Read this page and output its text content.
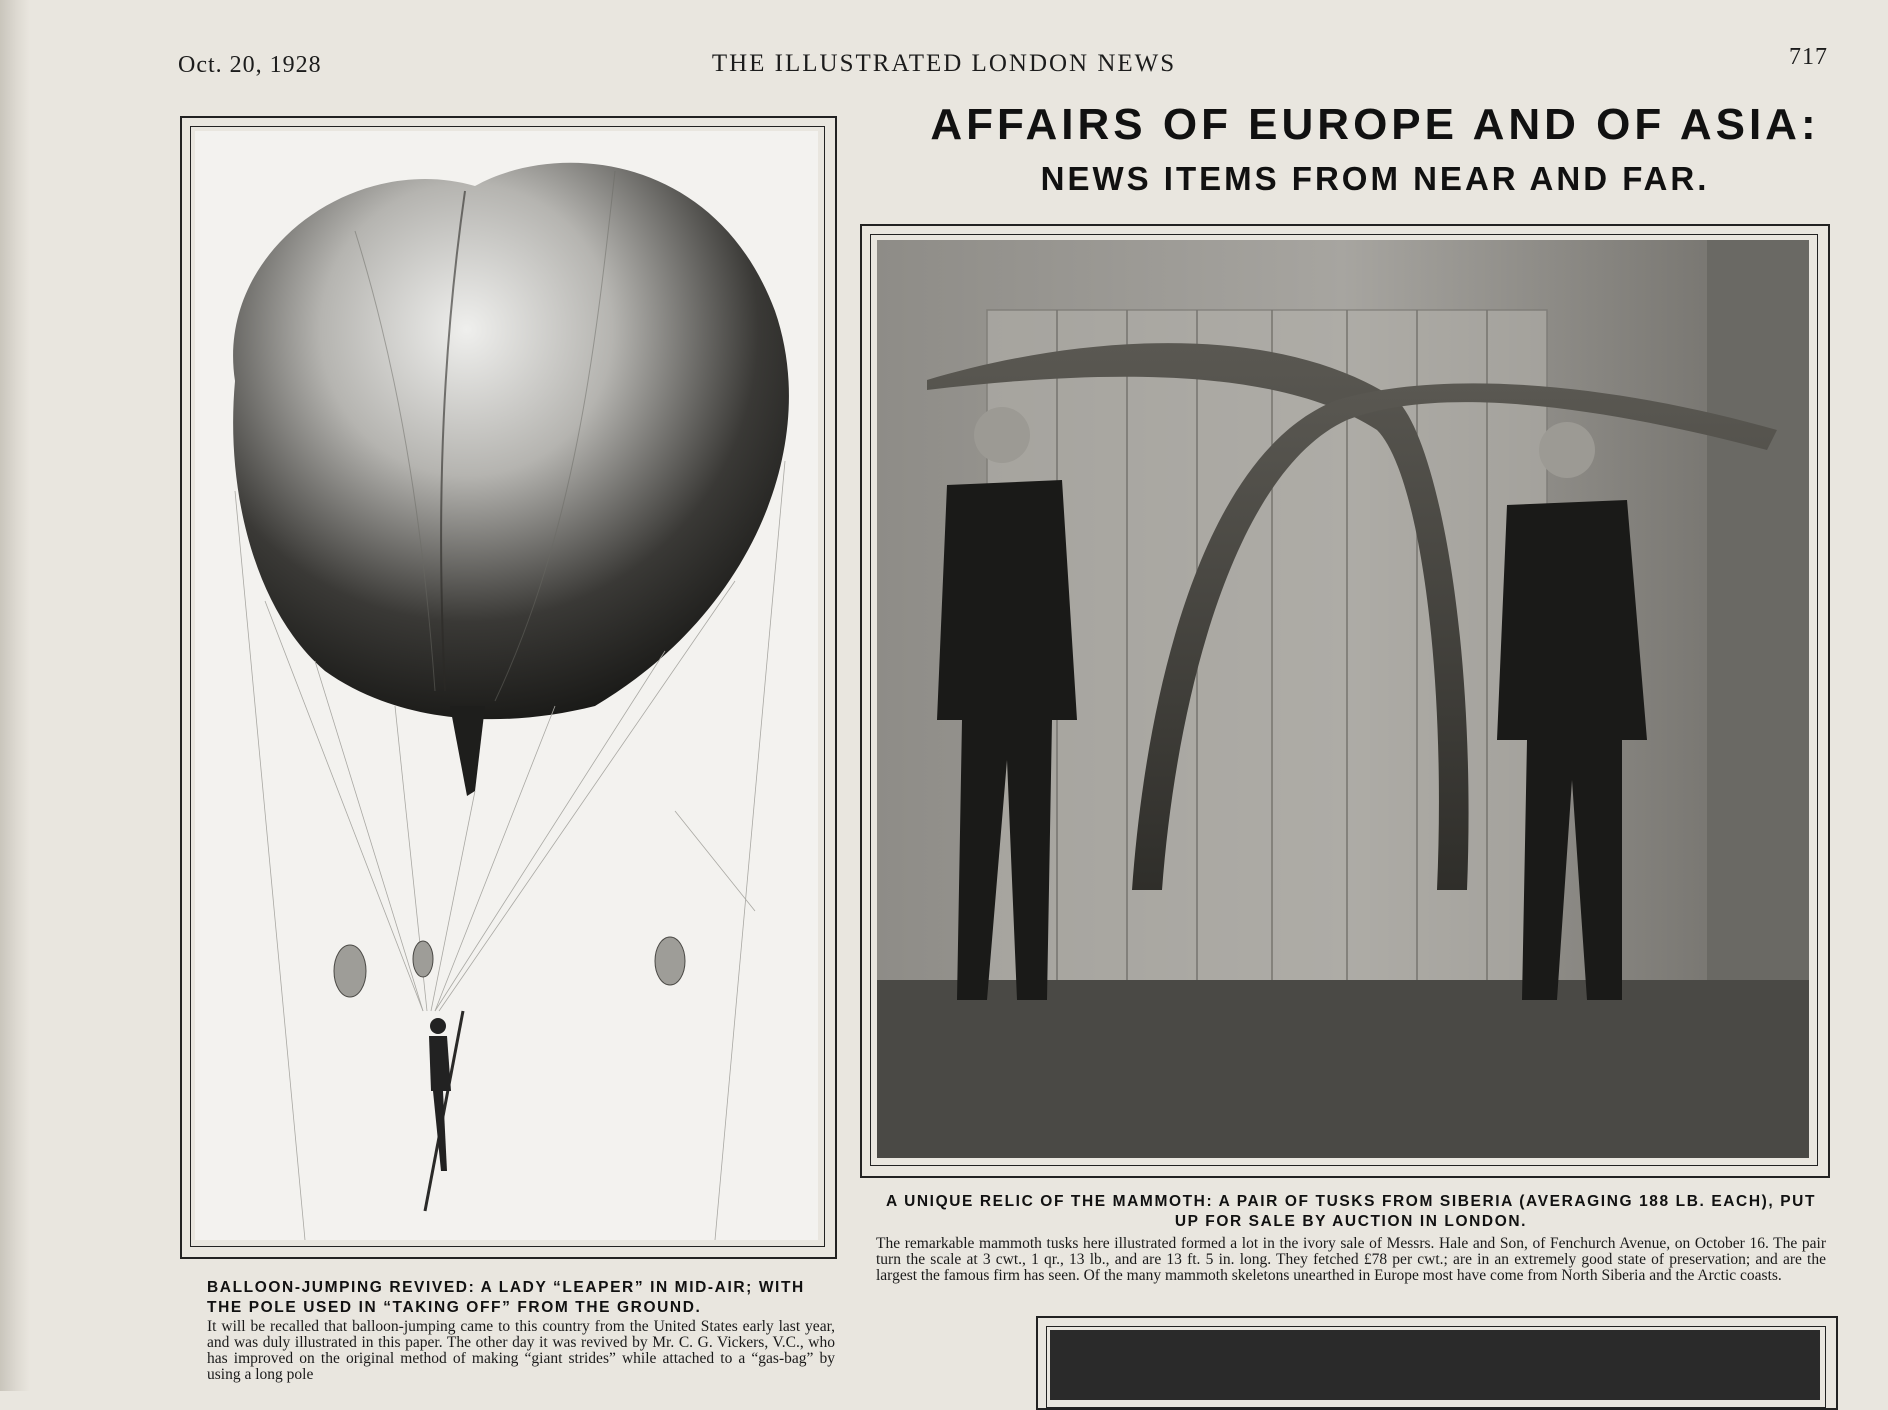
Oct. 20, 1928	THE ILLUSTRATED LONDON NEWS	717
AFFAIRS OF EUROPE AND OF ASIA:
NEWS ITEMS FROM NEAR AND FAR.
BALLOON-JUMPING REVIVED: A LADY “LEAPER” IN MID-AIR; WITH THE POLE USED IN “TAKING OFF” FROM THE GROUND.
It will be recalled that balloon-jumping came to this country from the United States early last year, and was duly illustrated in this paper. The other day it was revived by Mr. C. G. Vickers, V.C., who has improved on the original method of making “giant strides” while attached to a “gas-bag” by using a long pole
A UNIQUE RELIC OF THE MAMMOTH: A PAIR OF TUSKS FROM SIBERIA (AVERAGING 188 LB. EACH), PUT UP FOR SALE BY AUCTION IN LONDON.
The remarkable mammoth tusks here illustrated formed a lot in the ivory sale of Messrs. Hale and Son, of Fenchurch Avenue, on October 16. The pair turn the scale at 3 cwt., 1 qr., 13 lb., and are 13 ft. 5 in. long. They fetched £78 per cwt.; are in an extremely good state of preservation; and are the largest the famous firm has seen. Of the many mammoth skeletons unearthed in Europe most have come from North Siberia and the Arctic coasts.
